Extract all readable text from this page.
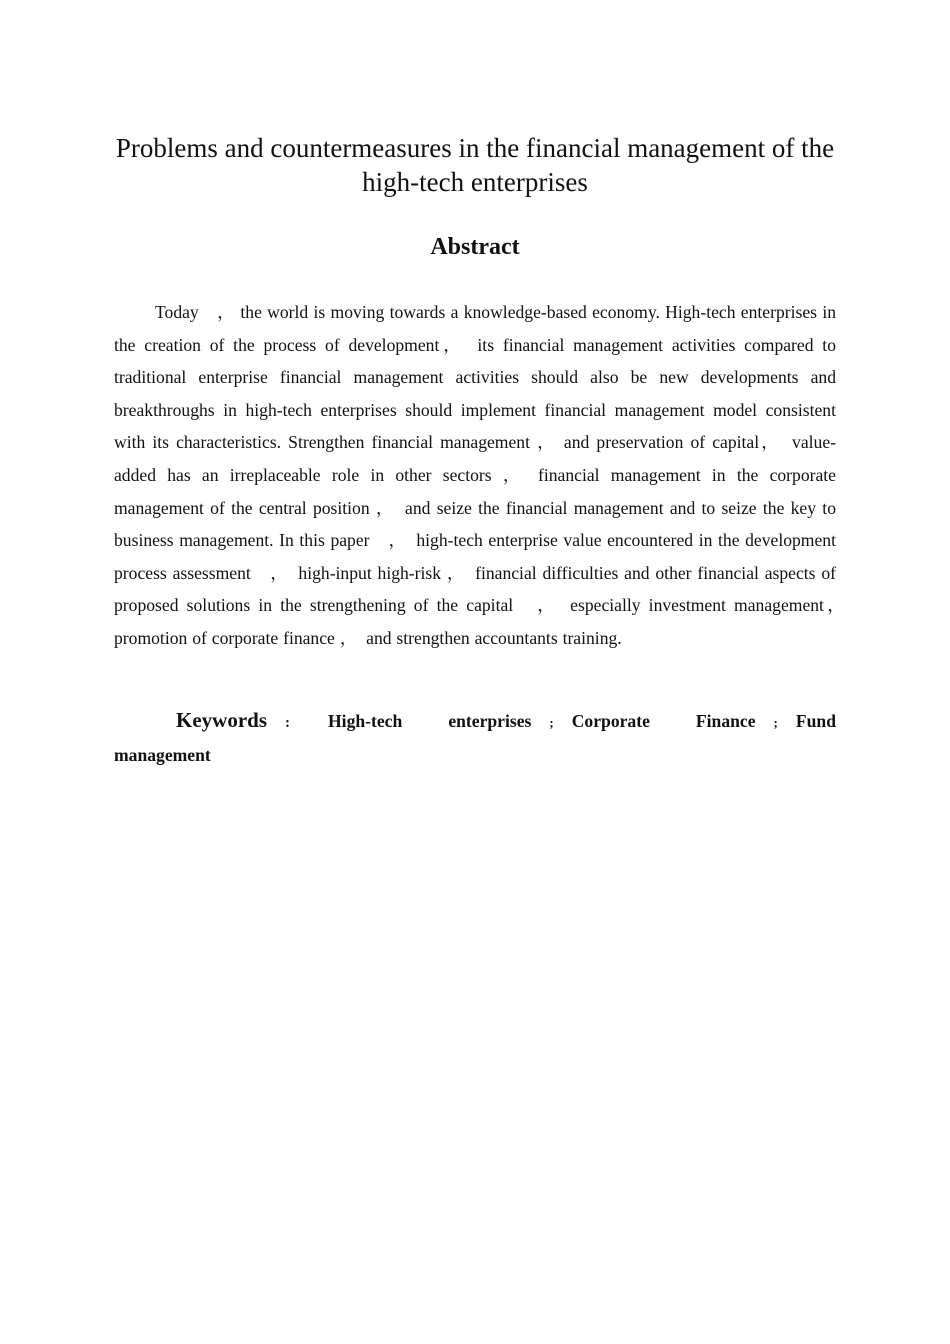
Problems and countermeasures in the financial management of the high-tech enterprises
Abstract

Today　， the world is moving towards a knowledge-based economy. High-tech enterprises in the creation of the process of development，　its financial management activities compared to traditional enterprise financial management activities should also be new developments and breakthroughs in high-tech enterprises should implement financial management model consistent with its characteristics. Strengthen financial management ， and preservation of capital，　value-added has an irreplaceable role in other sectors ， financial management in the corporate management of the central position ，　and seize the financial management and to seize the key to business management. In this paper　，　high-tech enterprise value encountered in the development process assessment　，　high-input high-risk ，　financial difficulties and other financial aspects of proposed solutions in the strengthening of the capital　，　especially investment management，　promotion of corporate finance ，　and strengthen accountants training.

Keywords : High-tech enterprises ; Corporate Finance ; Fund management
